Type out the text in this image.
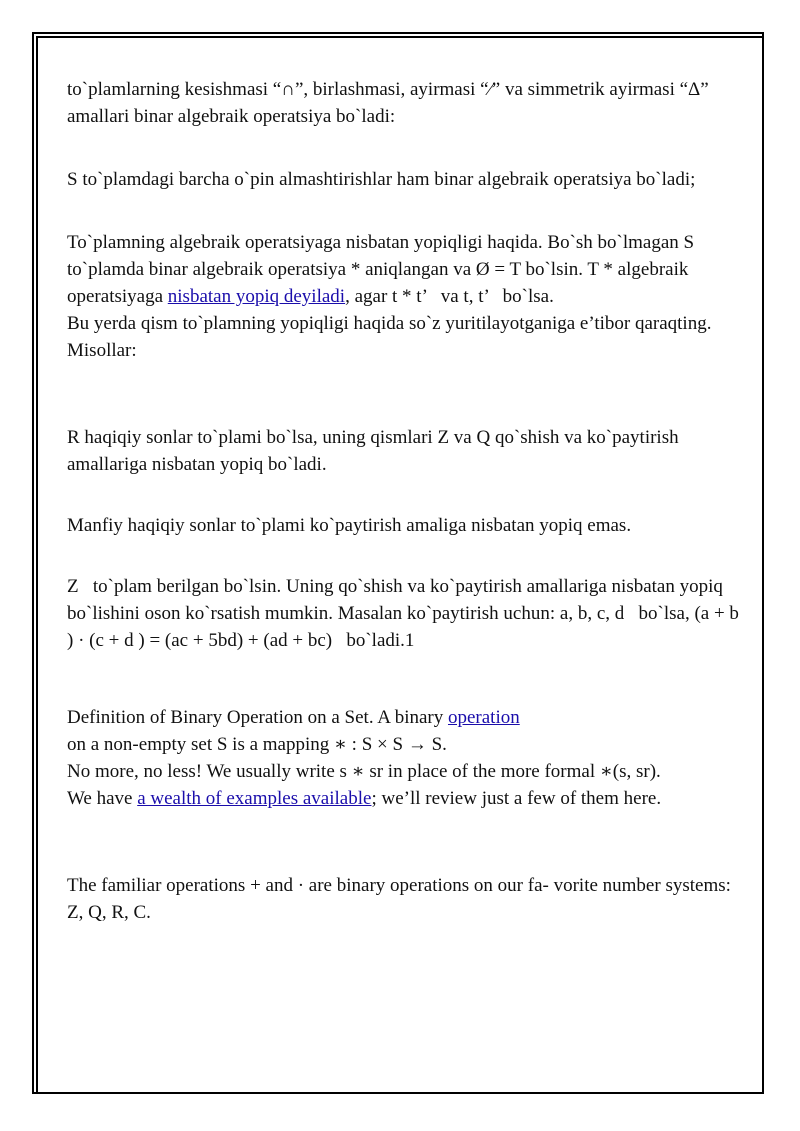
to`plamlarning kesishmasi “∩”, birlashmasi, ayirmasi “⁄” va simmetrik ayirmasi “Δ” amallari binar algebraik operatsiya bo`ladi:

S to`plamdagi barcha o`pin almashtirishlar ham binar algebraik operatsiya bo`ladi;

To`plamning algebraik operatsiyaga nisbatan yopiqligi haqida. Bo`sh bo`lmagan S to`plamda binar algebraik operatsiya * aniqlangan va Ø = T bo`lsin. T * algebraik operatsiyaga nisbatan yopiq deyiladi, agar t * t’   va t, t’   bo`lsa.

Bu yerda qism to`plamning yopiqligi haqida so`z yuritilayotganiga e’tibor qaraqting.

Misollar:

R haqiqiy sonlar to`plami bo`lsa, uning qismlari Z va Q qo`shish va ko`paytirish amallariga nisbatan yopiq bo`ladi.

Manfiy haqiqiy sonlar to`plami ko`paytirish amaliga nisbatan yopiq emas.

Z   to`plam berilgan bo`lsin. Uning qo`shish va ko`paytirish amallariga nisbatan yopiq bo`lishini oson ko`rsatish mumkin. Masalan ko`paytirish uchun: a, b, c, d   bo`lsa, (a + b ) · (c + d ) = (ac + 5bd) + (ad + bc)   bo`ladi.1

Definition of Binary Operation on a Set. A binary operation

on a non-empty set S is a mapping ∗ : S × S → S.

No more, no less! We usually write s ∗ sr in place of the more formal ∗(s, sr).

We have a wealth of examples available; we’ll review just a few of them here.

The familiar operations + and · are binary operations on our fa- vorite number systems: Z, Q, R, C.
